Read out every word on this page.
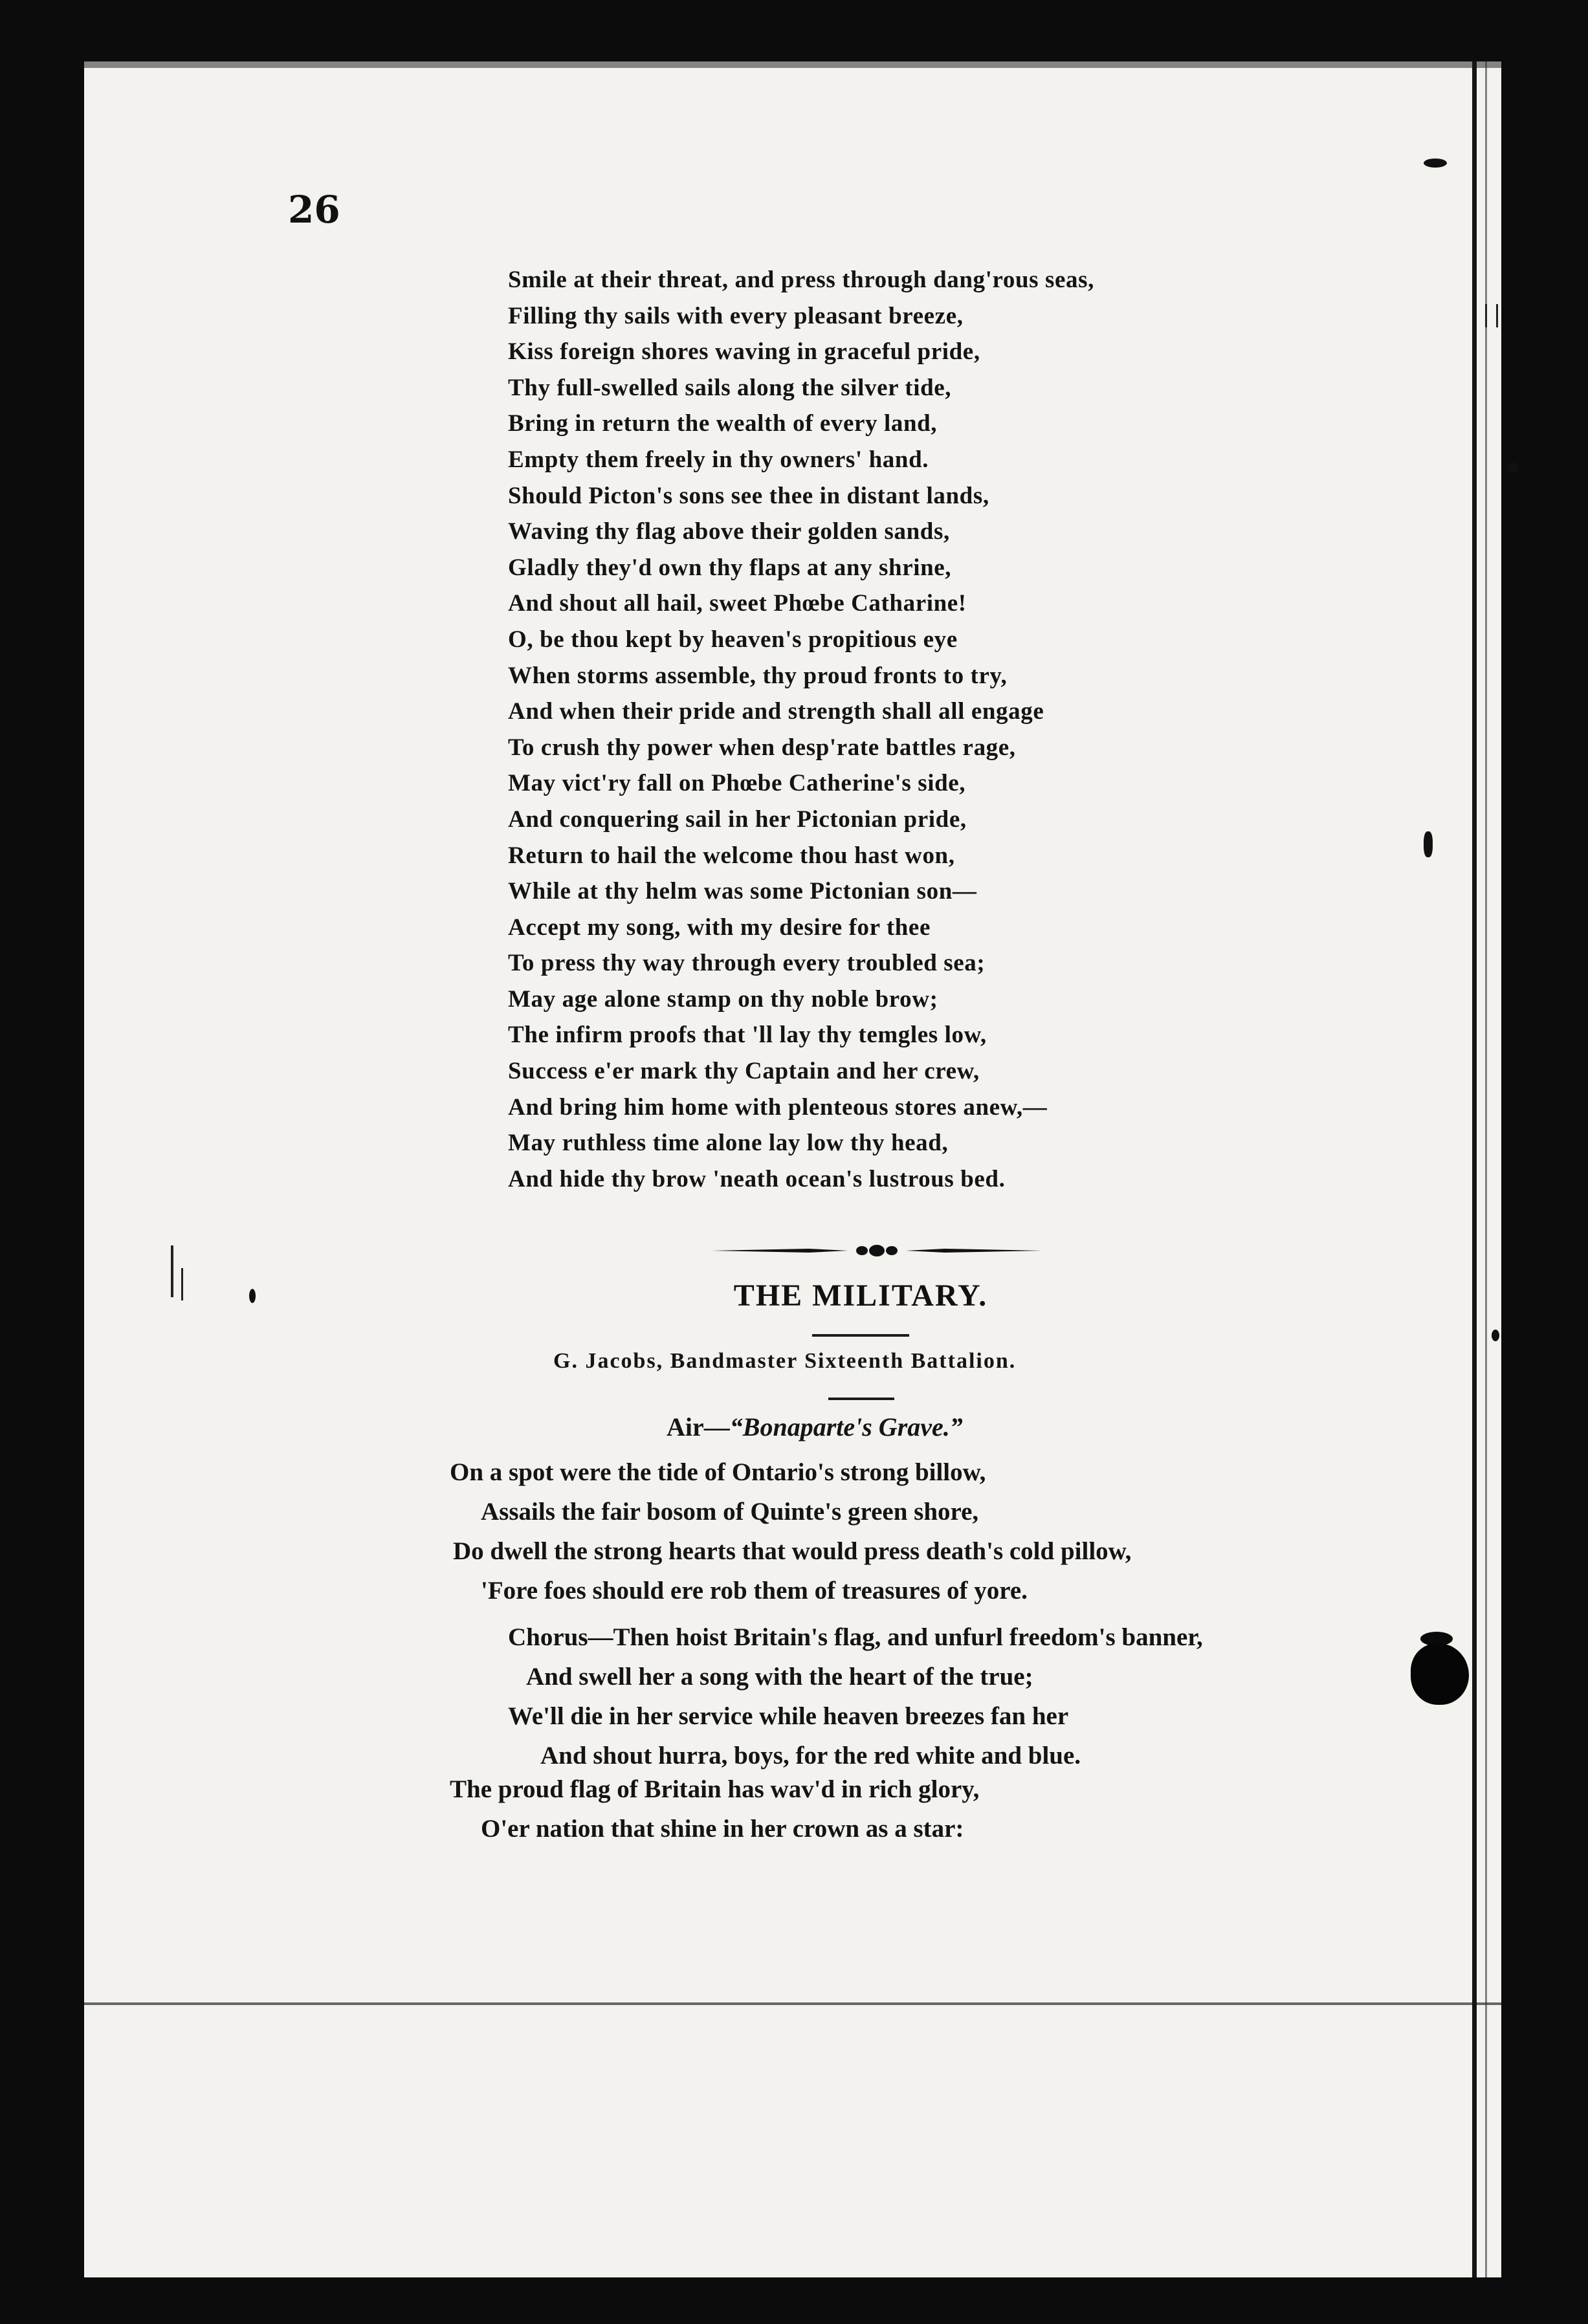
26

Smile at their threat, and press through dang'rous seas,
Filling thy sails with every pleasant breeze,
Kiss foreign shores waving in graceful pride,
Thy full-swelled sails along the silver tide,
Bring in return the wealth of every land,
Empty them freely in thy owners' hand.
Should Picton's sons see thee in distant lands,
Waving thy flag above their golden sands,
Gladly they'd own thy flaps at any shrine,
And shout all hail, sweet Phœbe Catharine!
O, be thou kept by heaven's propitious eye
When storms assemble, thy proud fronts to try,
And when their pride and strength shall all engage
To crush thy power when desp'rate battles rage,
May vict'ry fall on Phœbe Catherine's side,
And conquering sail in her Pictonian pride,
Return to hail the welcome thou hast won,
While at thy helm was some Pictonian son—
Accept my song, with my desire for thee
To press thy way through every troubled sea;
May age alone stamp on thy noble brow;
The infirm proofs that 'll lay thy temgles low,
Success e'er mark thy Captain and her crew,
And bring him home with plenteous stores anew,—
May ruthless time alone lay low thy head,
And hide thy brow 'neath ocean's lustrous bed.
THE MILITARY.

G. Jacobs, Bandmaster Sixteenth Battalion.

Air—“Bonaparte's Grave.”

On a spot were the tide of Ontario's strong billow,
Assails the fair bosom of Quinte's green shore,
Do dwell the strong hearts that would press death's cold pillow,
'Fore foes should ere rob them of treasures of yore.
Chorus—Then hoist Britain's flag, and unfurl freedom's banner,
And swell her a song with the heart of the true;
We'll die in her service while heaven breezes fan her
And shout hurra, boys, for the red white and blue.
The proud flag of Britain has wav'd in rich glory,
O'er nation that shine in her crown as a star:
